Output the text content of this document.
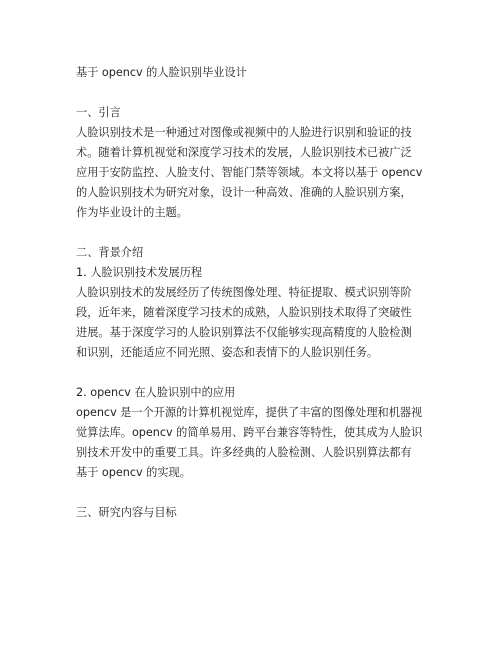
基于 opencv 的人脸识别毕业设计

一、引言

人脸识别技术是一种通过对图像或视频中的人脸进行识别和验证的技
术。随着计算机视觉和深度学习技术的发展，人脸识别技术已被广泛
应用于安防监控、人脸支付、智能门禁等领域。本文将以基于 opencv
的人脸识别技术为研究对象，设计一种高效、准确的人脸识别方案，
作为毕业设计的主题。

二、背景介绍

1. 人脸识别技术发展历程

人脸识别技术的发展经历了传统图像处理、特征提取、模式识别等阶
段，近年来，随着深度学习技术的成熟，人脸识别技术取得了突破性
进展。基于深度学习的人脸识别算法不仅能够实现高精度的人脸检测
和识别，还能适应不同光照、姿态和表情下的人脸识别任务。

2. opencv 在人脸识别中的应用

opencv 是一个开源的计算机视觉库，提供了丰富的图像处理和机器视
觉算法库。opencv 的简单易用、跨平台兼容等特性，使其成为人脸识
别技术开发中的重要工具。许多经典的人脸检测、人脸识别算法都有
基于 opencv 的实现。

三、研究内容与目标
